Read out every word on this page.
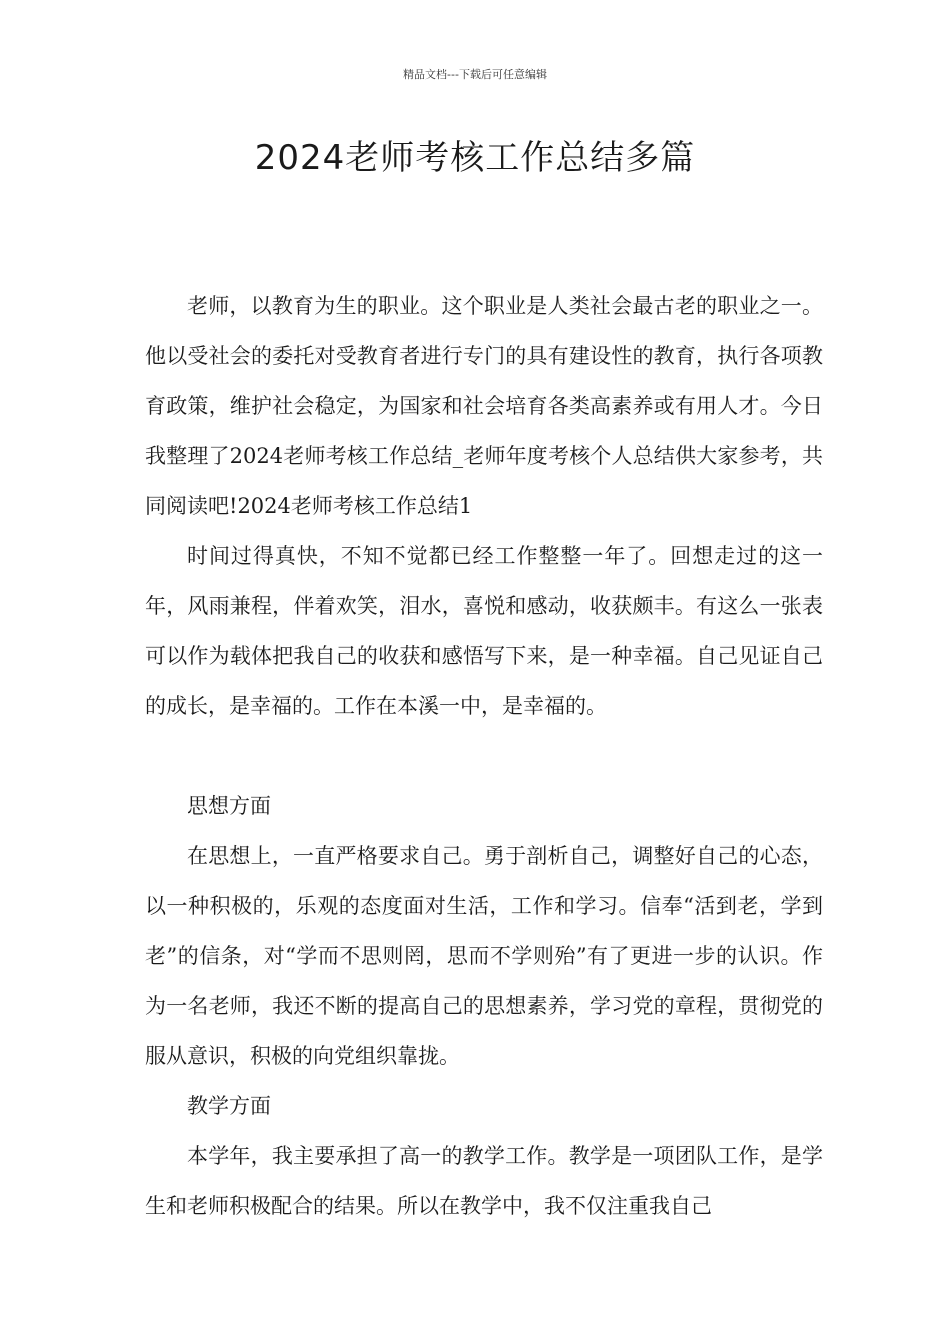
精品文档---下载后可任意编辑
2024老师考核工作总结多篇

老师，以教育为生的职业。这个职业是人类社会最古老的职业之一。他以受社会的委托对受教育者进行专门的具有建设性的教育，执行各项教育政策，维护社会稳定，为国家和社会培育各类高素养或有用人才。今日我整理了2024老师考核工作总结_老师年度考核个人总结供大家参考，共同阅读吧!2024老师考核工作总结1

时间过得真快，不知不觉都已经工作整整一年了。回想走过的这一年，风雨兼程，伴着欢笑，泪水，喜悦和感动，收获颇丰。有这么一张表可以作为载体把我自己的收获和感悟写下来，是一种幸福。自己见证自己的成长，是幸福的。工作在本溪一中，是幸福的。

思想方面

在思想上，一直严格要求自己。勇于剖析自己，调整好自己的心态，以一种积极的，乐观的态度面对生活，工作和学习。信奉“活到老，学到老”的信条，对“学而不思则罔，思而不学则殆”有了更进一步的认识。作为一名老师，我还不断的提高自己的思想素养，学习党的章程，贯彻党的服从意识，积极的向党组织靠拢。

教学方面

本学年，我主要承担了高一的教学工作。教学是一项团队工作，是学生和老师积极配合的结果。所以在教学中，我不仅注重我自己
